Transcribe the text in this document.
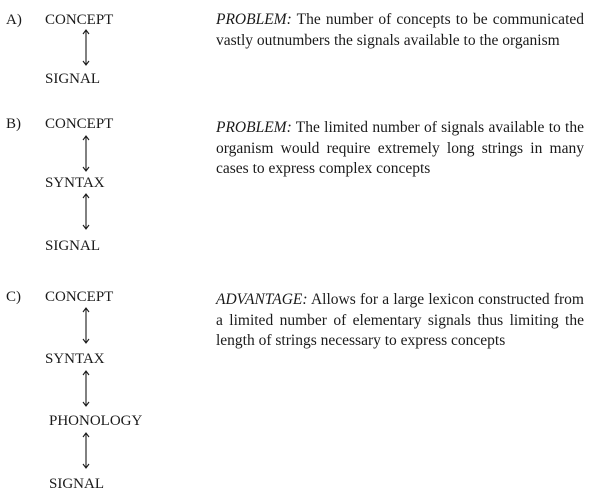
A) CONCEPT
SIGNAL
PROBLEM: The number of concepts to be communicated vastly outnumbers the signals available to the organism
B) CONCEPT
SYNTAX
SIGNAL
PROBLEM: The limited number of signals available to the organism would require extremely long strings in many cases to express complex concepts
C) CONCEPT
SYNTAX
PHONOLOGY
SIGNAL
ADVANTAGE: Allows for a large lexicon constructed from a limited number of elementary signals thus limiting the length of strings necessary to express concepts
